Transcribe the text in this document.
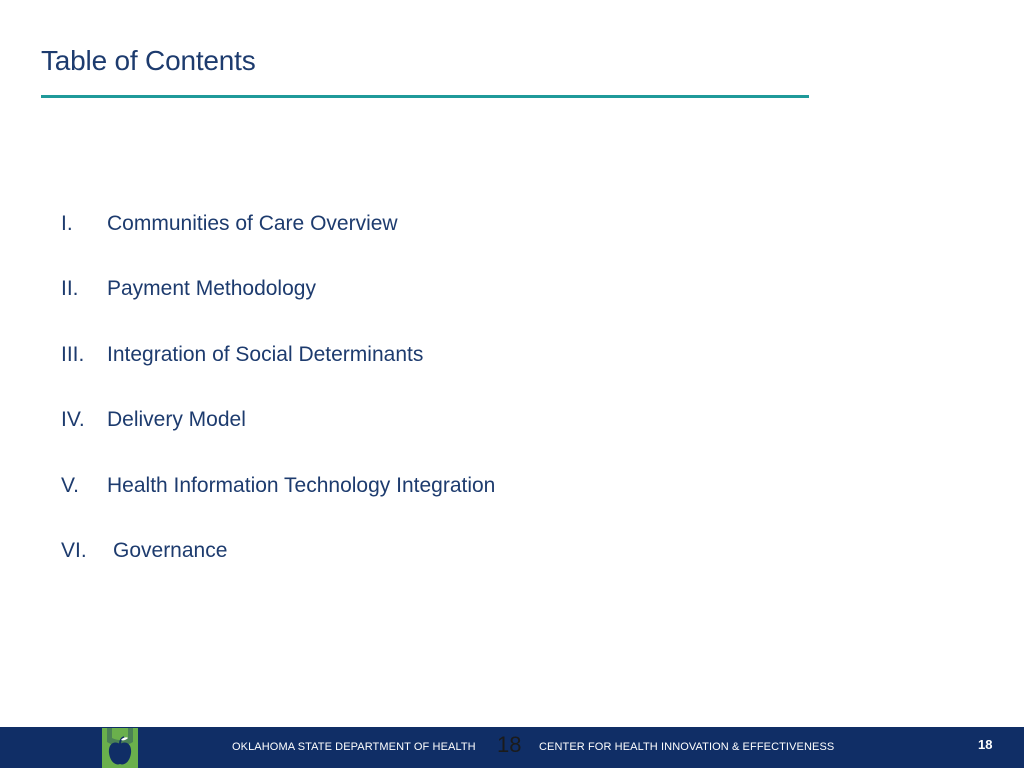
Table of Contents
I. Communities of Care Overview
II. Payment Methodology
III. Integration of Social Determinants
IV. Delivery Model
V. Health Information Technology Integration
VI. Governance
OKLAHOMA STATE DEPARTMENT OF HEALTH 18 CENTER FOR HEALTH INNOVATION & EFFECTIVENESS	18
